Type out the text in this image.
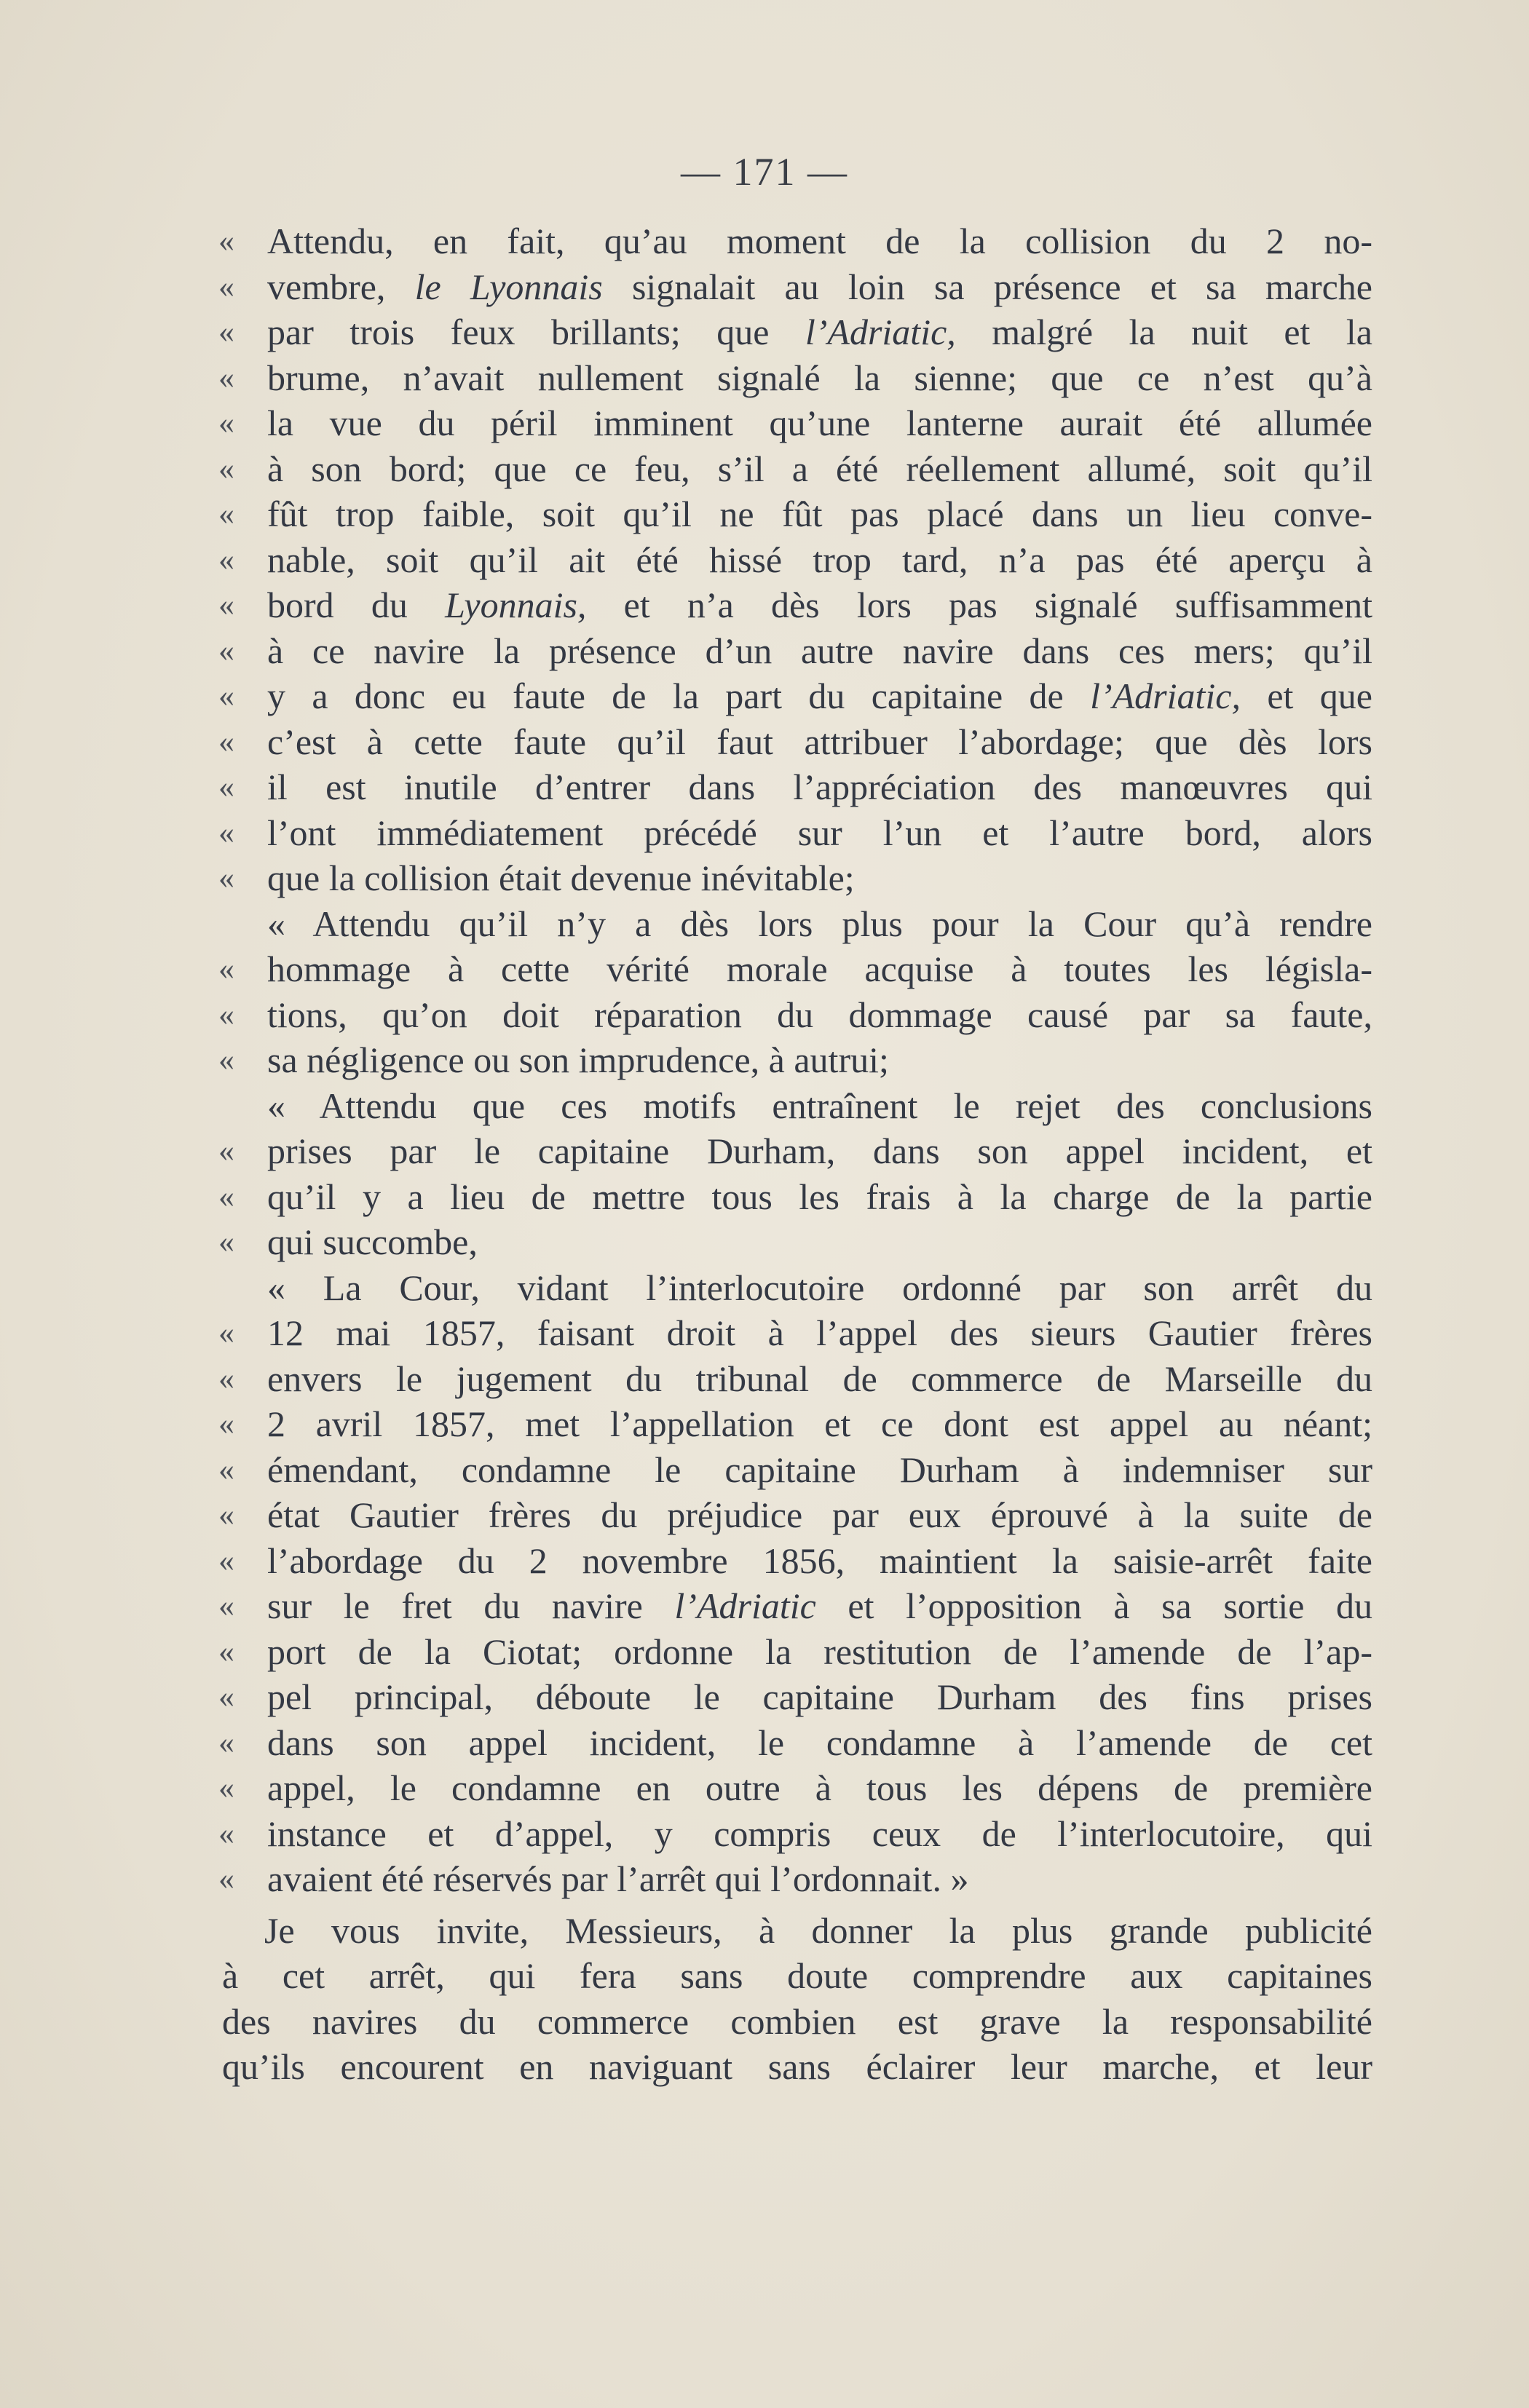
— 171 —
« Attendu, en fait, qu’au moment de la collision du 2 no-
« vembre, le Lyonnais signalait au loin sa présence et sa marche
« par trois feux brillants; que l’Adriatic, malgré la nuit et la
« brume, n’avait nullement signalé la sienne; que ce n’est qu’à
« la vue du péril imminent qu’une lanterne aurait été allumée
« à son bord; que ce feu, s’il a été réellement allumé, soit qu’il
« fût trop faible, soit qu’il ne fût pas placé dans un lieu conve-
« nable, soit qu’il ait été hissé trop tard, n’a pas été aperçu à
« bord du Lyonnais, et n’a dès lors pas signalé suffisamment
« à ce navire la présence d’un autre navire dans ces mers; qu’il
« y a donc eu faute de la part du capitaine de l’Adriatic, et que
« c’est à cette faute qu’il faut attribuer l’abordage; que dès lors
« il est inutile d’entrer dans l’appréciation des manœuvres qui
« l’ont immédiatement précédé sur l’un et l’autre bord, alors
« que la collision était devenue inévitable;
« Attendu qu’il n’y a dès lors plus pour la Cour qu’à rendre
« hommage à cette vérité morale acquise à toutes les législa-
« tions, qu’on doit réparation du dommage causé par sa faute,
« sa négligence ou son imprudence, à autrui;
« Attendu que ces motifs entraînent le rejet des conclusions
« prises par le capitaine Durham, dans son appel incident, et
« qu’il y a lieu de mettre tous les frais à la charge de la partie
« qui succombe,
« La Cour, vidant l’interlocutoire ordonné par son arrêt du
« 12 mai 1857, faisant droit à l’appel des sieurs Gautier frères
« envers le jugement du tribunal de commerce de Marseille du
« 2 avril 1857, met l’appellation et ce dont est appel au néant;
« émendant, condamne le capitaine Durham à indemniser sur
« état Gautier frères du préjudice par eux éprouvé à la suite de
« l’abordage du 2 novembre 1856, maintient la saisie-arrêt faite
« sur le fret du navire l’Adriatic et l’opposition à sa sortie du
« port de la Ciotat; ordonne la restitution de l’amende de l’ap-
« pel principal, déboute le capitaine Durham des fins prises
« dans son appel incident, le condamne à l’amende de cet
« appel, le condamne en outre à tous les dépens de première
« instance et d’appel, y compris ceux de l’interlocutoire, qui
« avaient été réservés par l’arrêt qui l’ordonnait. »
Je vous invite, Messieurs, à donner la plus grande publicité
à cet arrêt, qui fera sans doute comprendre aux capitaines
des navires du commerce combien est grave la responsabilité
qu’ils encourent en naviguant sans éclairer leur marche, et leur
